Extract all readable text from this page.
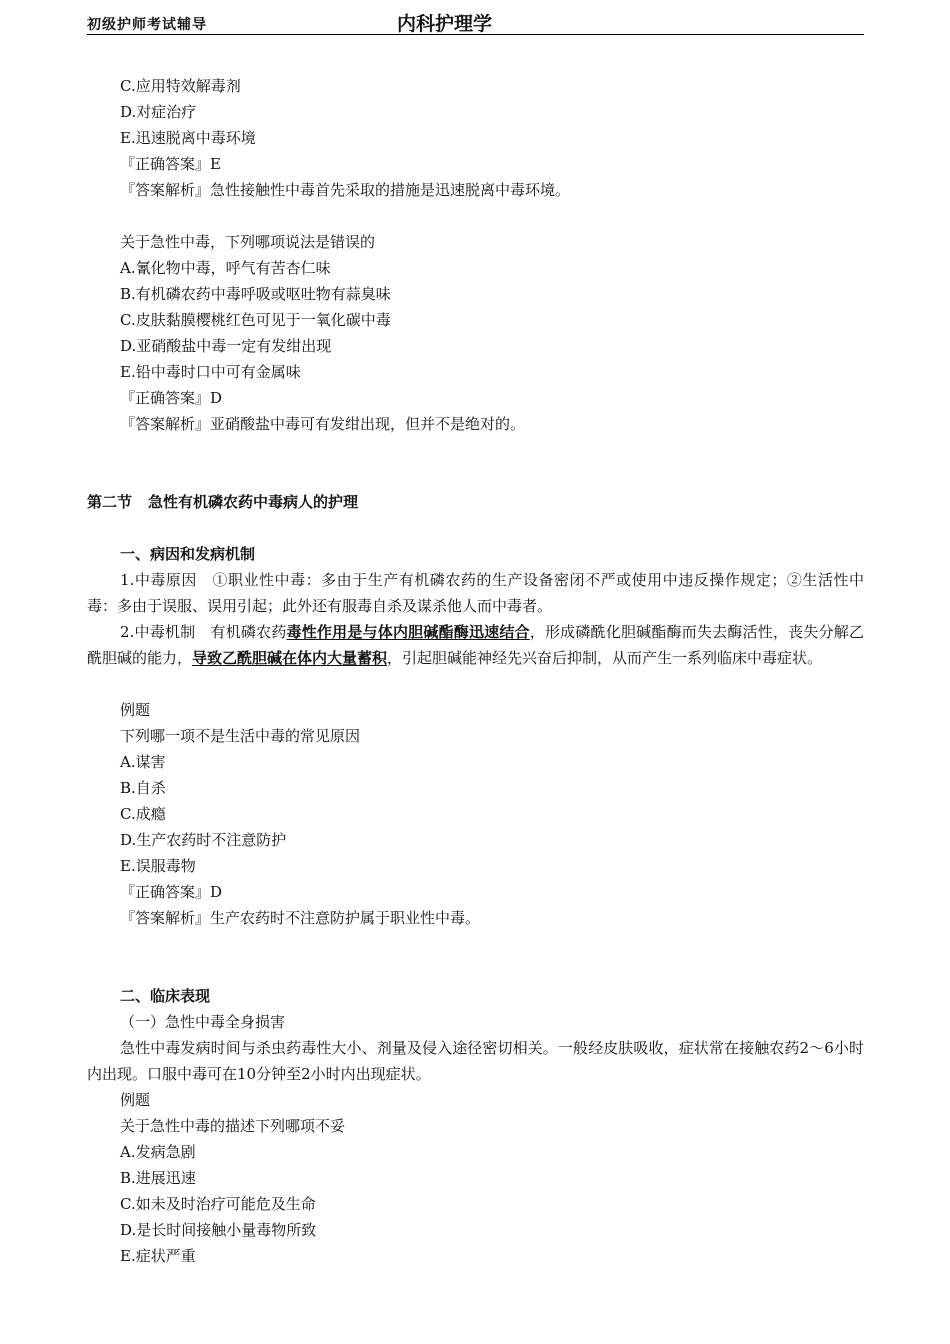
初级护师考试辅导	内科护理学
C.应用特效解毒剂
D.对症治疗
E.迅速脱离中毒环境
『正确答案』E
『答案解析』急性接触性中毒首先采取的措施是迅速脱离中毒环境。
关于急性中毒，下列哪项说法是错误的
A.氰化物中毒，呼气有苦杏仁味
B.有机磷农药中毒呼吸或呕吐物有蒜臭味
C.皮肤黏膜樱桃红色可见于一氧化碳中毒
D.亚硝酸盐中毒一定有发绀出现
E.铅中毒时口中可有金属味
『正确答案』D
『答案解析』亚硝酸盐中毒可有发绀出现，但并不是绝对的。
第二节 急性有机磷农药中毒病人的护理
一、病因和发病机制
1.中毒原因　①职业性中毒：多由于生产有机磷农药的生产设备密闭不严或使用中违反操作规定；②生活性中毒：多由于误服、误用引起；此外还有服毒自杀及谋杀他人而中毒者。
2.中毒机制　有机磷农药毒性作用是与体内胆碱酯酶迅速结合，形成磷酰化胆碱酯酶而失去酶活性，丧失分解乙酰胆碱的能力，导致乙酰胆碱在体内大量蓄积，引起胆碱能神经先兴奋后抑制，从而产生一系列临床中毒症状。
例题
下列哪一项不是生活中毒的常见原因
A.谋害
B.自杀
C.成瘾
D.生产农药时不注意防护
E.误服毒物
『正确答案』D
『答案解析』生产农药时不注意防护属于职业性中毒。
二、临床表现
（一）急性中毒全身损害
急性中毒发病时间与杀虫药毒性大小、剂量及侵入途径密切相关。一般经皮肤吸收，症状常在接触农药2～6小时内出现。口服中毒可在10分钟至2小时内出现症状。
例题
关于急性中毒的描述下列哪项不妥
A.发病急剧
B.进展迅速
C.如未及时治疗可能危及生命
D.是长时间接触小量毒物所致
E.症状严重
